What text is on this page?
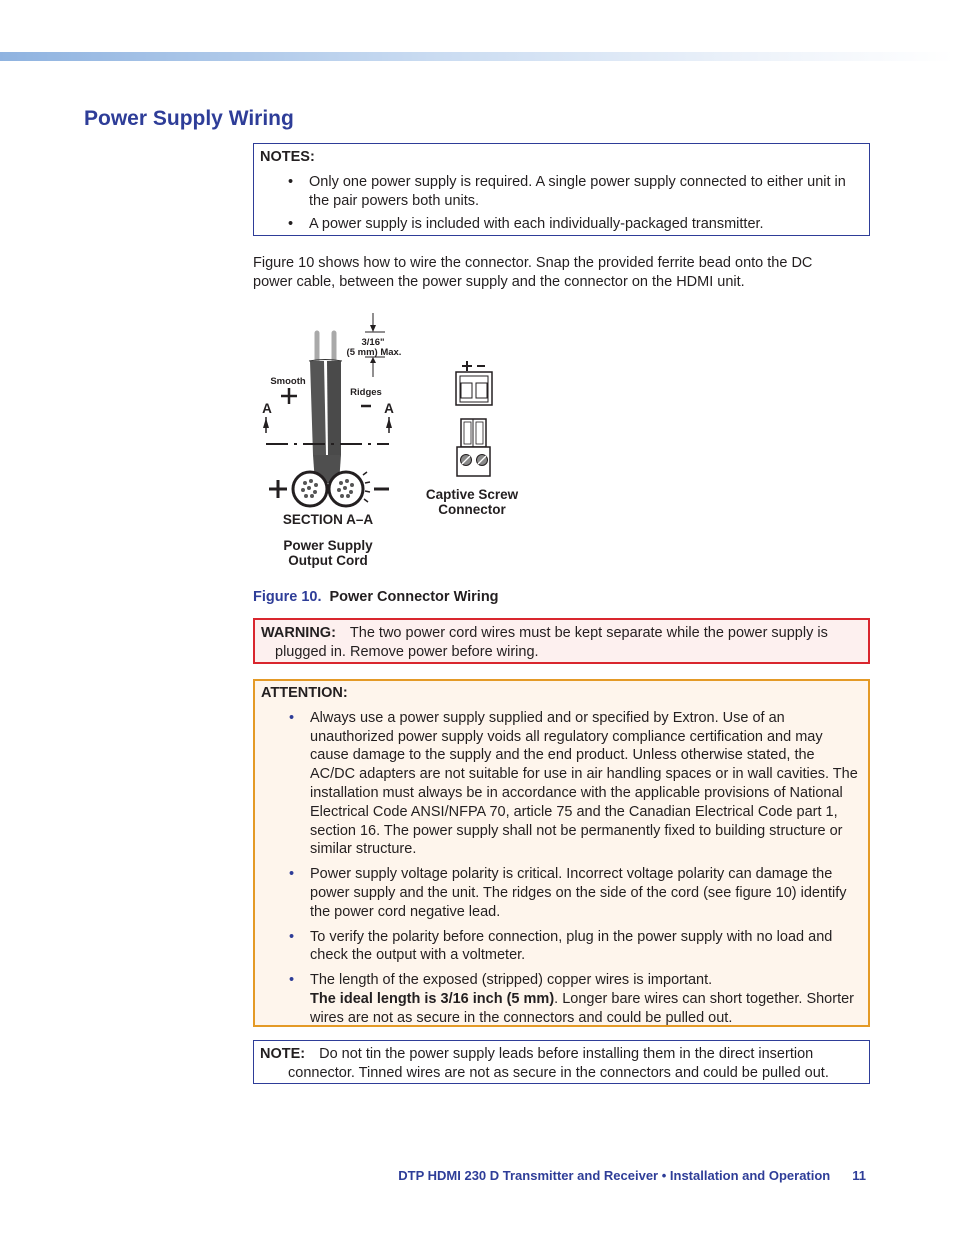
Power Supply Wiring
NOTES:
• Only one power supply is required. A single power supply connected to either unit in the pair powers both units.
• A power supply is included with each individually-packaged transmitter.
Figure 10 shows how to wire the connector. Snap the provided ferrite bead onto the DC power cable, between the power supply and the connector on the HDMI unit.
3/16"
(5 mm) Max.
Smooth
Ridges
A	A
SECTION A–A
Power Supply
Output Cord
Captive Screw
Connector
Figure 10. Power Connector Wiring
WARNING: The two power cord wires must be kept separate while the power supply is
plugged in. Remove power before wiring.
ATTENTION:
• Always use a power supply supplied and or specified by Extron. Use of an unauthorized power supply voids all regulatory compliance certification and may cause damage to the supply and the end product. Unless otherwise stated, the AC/DC adapters are not suitable for use in air handling spaces or in wall cavities. The installation must always be in accordance with the applicable provisions of National Electrical Code ANSI/NFPA 70, article 75 and the Canadian Electrical Code part 1, section 16. The power supply shall not be permanently fixed to building structure or similar structure.
• Power supply voltage polarity is critical. Incorrect voltage polarity can damage the power supply and the unit. The ridges on the side of the cord (see figure 10) identify the power cord negative lead.
• To verify the polarity before connection, plug in the power supply with no load and check the output with a voltmeter.
• The length of the exposed (stripped) copper wires is important.
The ideal length is 3/16 inch (5 mm). Longer bare wires can short together. Shorter wires are not as secure in the connectors and could be pulled out.
NOTE: Do not tin the power supply leads before installing them in the direct insertion
connector. Tinned wires are not as secure in the connectors and could be pulled out.
DTP HDMI 230 D Transmitter and Receiver • Installation and Operation 11
